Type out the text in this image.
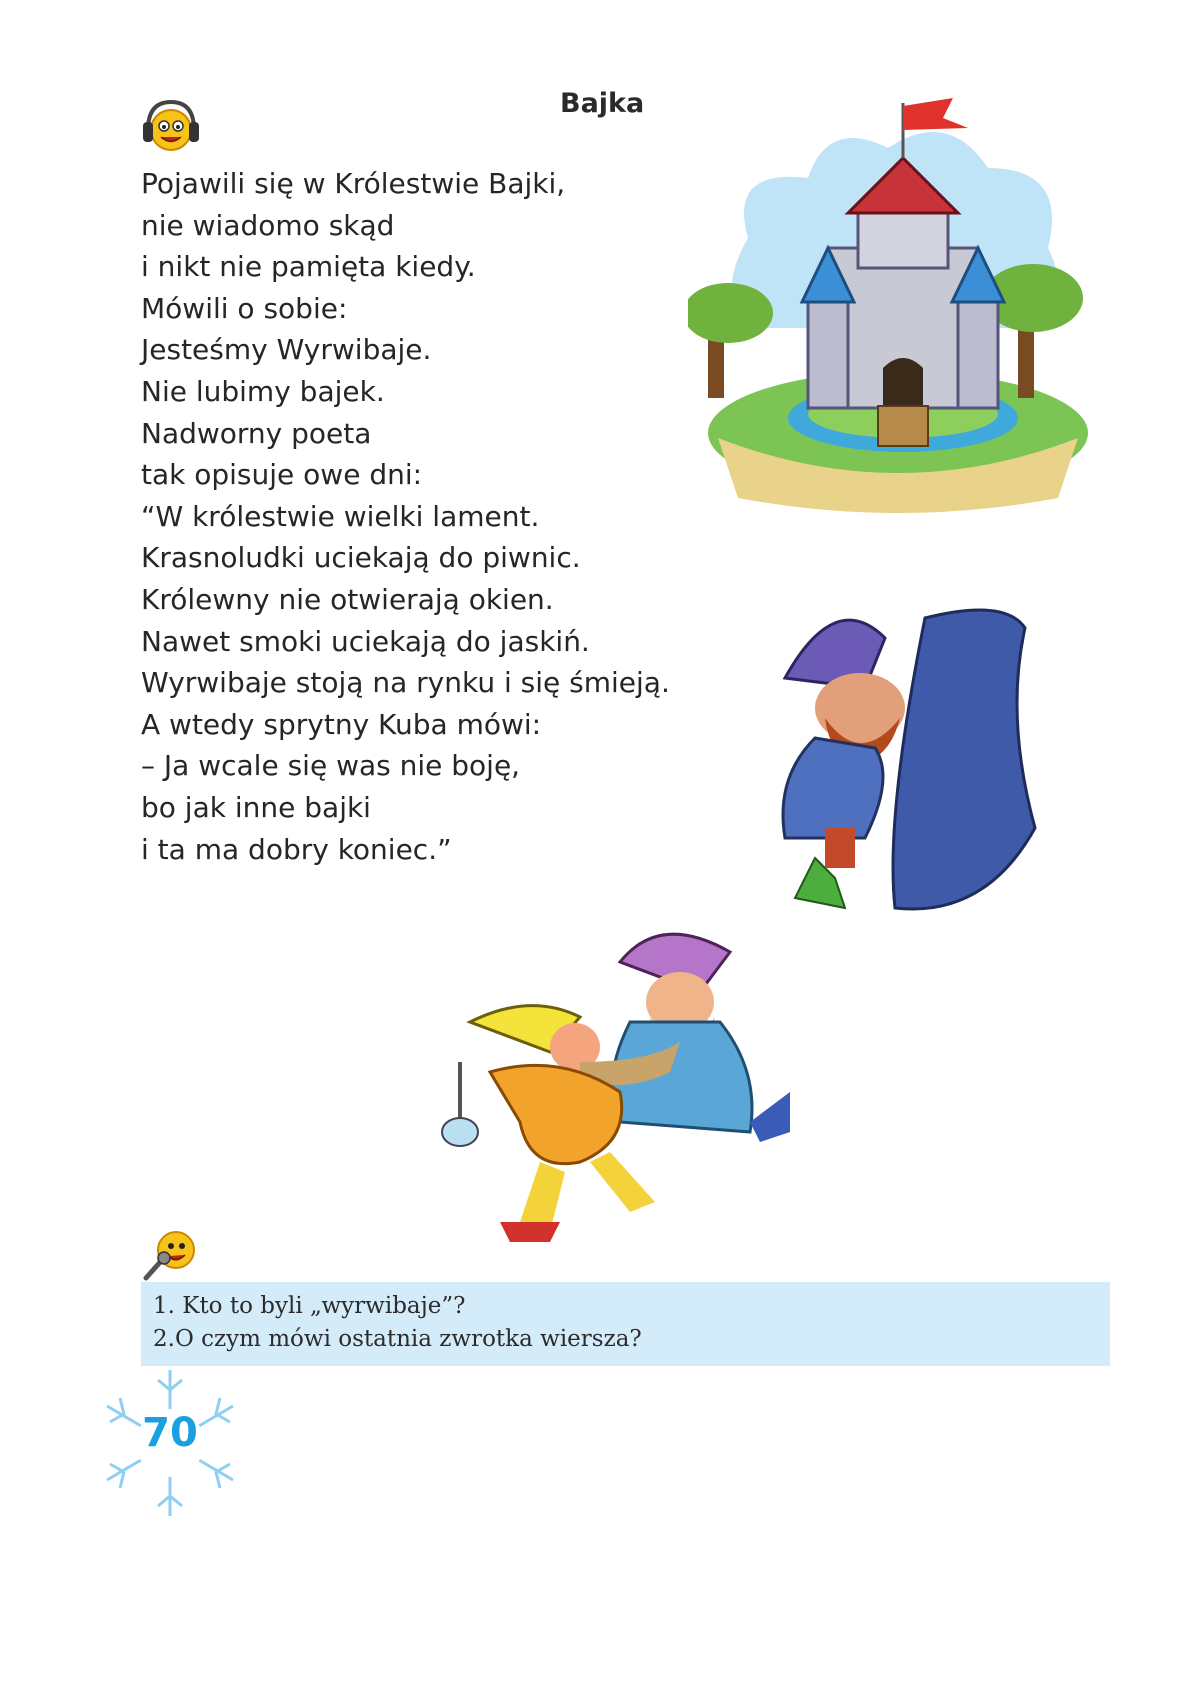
Bajka
Pojawili się w Królestwie Bajki,
nie wiadomo skąd
i nikt nie pamięta kiedy.
Mówili o sobie:
Jesteśmy Wyrwibaje.
Nie lubimy bajek.
Nadworny poeta
tak opisuje owe dni:
“W królestwie wielki lament.
Krasnoludki uciekają do piwnic.
Królewny nie otwierają okien.
Nawet smoki uciekają do jaskiń.
Wyrwibaje stoją na rynku i się śmieją.
A wtedy sprytny Kuba mówi:
– Ja wcale się was nie boję,
bo jak inne bajki
i ta ma dobry koniec.”
1. Kto to byli „wyrwibaje”?
2.O czym mówi ostatnia zwrotka wiersza?
70
